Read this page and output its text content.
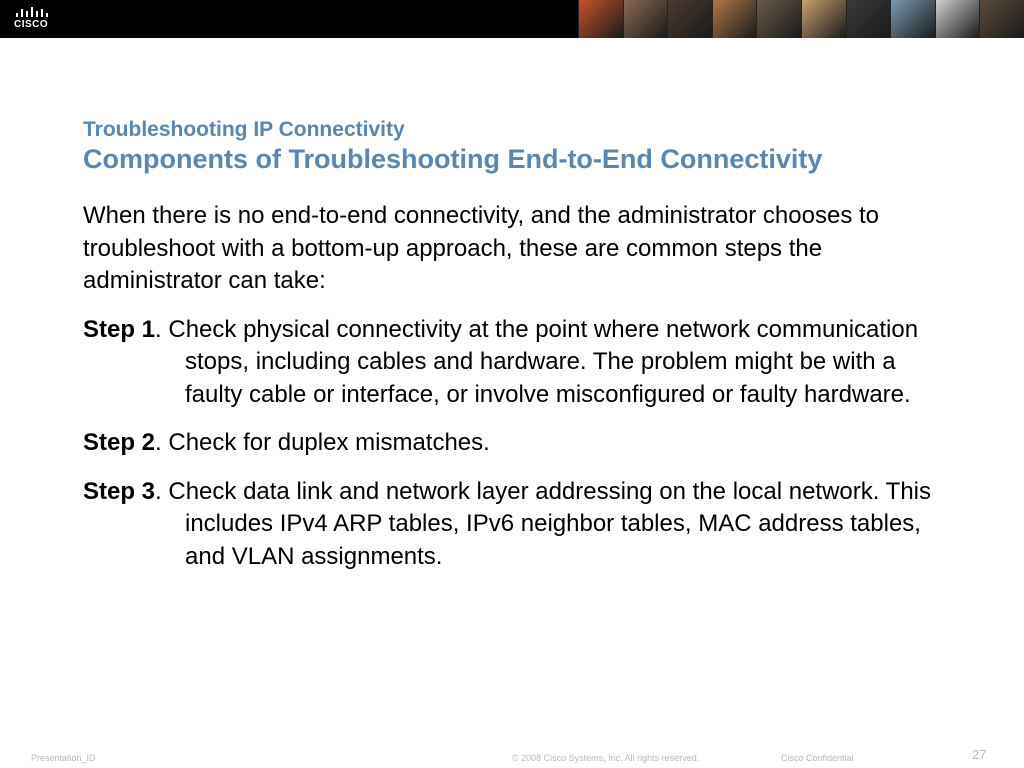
CISCO
Troubleshooting IP Connectivity
Components of Troubleshooting End-to-End Connectivity

When there is no end-to-end connectivity, and the administrator chooses to troubleshoot with a bottom-up approach, these are common steps the administrator can take:

Step 1. Check physical connectivity at the point where network communication stops, including cables and hardware. The problem might be with a faulty cable or interface, or involve misconfigured or faulty hardware.

Step 2. Check for duplex mismatches.

Step 3. Check data link and network layer addressing on the local network. This includes IPv4 ARP tables, IPv6 neighbor tables, MAC address tables, and VLAN assignments.

Presentation_ID	© 2008 Cisco Systems, Inc. All rights reserved.	Cisco Confidential	27
